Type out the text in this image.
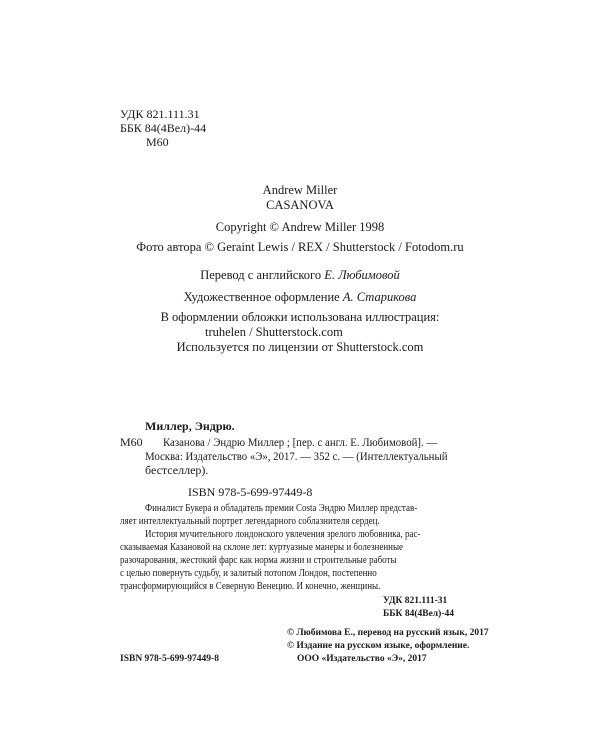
УДК 821.111.31
ББК 84(4Вел)-44
М60
Andrew Miller
CASANOVA
Copyright © Andrew Miller 1998
Фото автора © Geraint Lewis / REX / Shutterstock / Fotodom.ru
Перевод с английского Е. Любимовой
Художественное оформление А. Старикова
В оформлении обложки использована иллюстрация:
truhelen / Shutterstock.com
Используется по лицензии от Shutterstock.com
Миллер, Эндрю.
М60 Казанова / Эндрю Миллер ; [пер. с англ. Е. Любимовой]. —
Москва: Издательство «Э», 2017. — 352 с. — (Интеллектуальный
бестселлер).
ISBN 978-5-699-97449-8
Финалист Букера и обладатель премии Costa Эндрю Миллер представ-
ляет интеллектуальный портрет легендарного соблазнителя сердец.
История мучительного лондонского увлечения зрелого любовника, рас-
сказываемая Казановой на склоне лет: куртуазные манеры и болезненные
разочарования, жестокий фарс как норма жизни и строительные работы
с целью повернуть судьбу, и залитый потопом Лондон, постепенно
трансформирующийся в Северную Венецию. И конечно, женщины.
УДК 821.111-31
ББК 84(4Вел)-44
© Любимова Е., перевод на русский язык, 2017
© Издание на русском языке, оформление.
ООО «Издательство «Э», 2017
ISBN 978-5-699-97449-8
